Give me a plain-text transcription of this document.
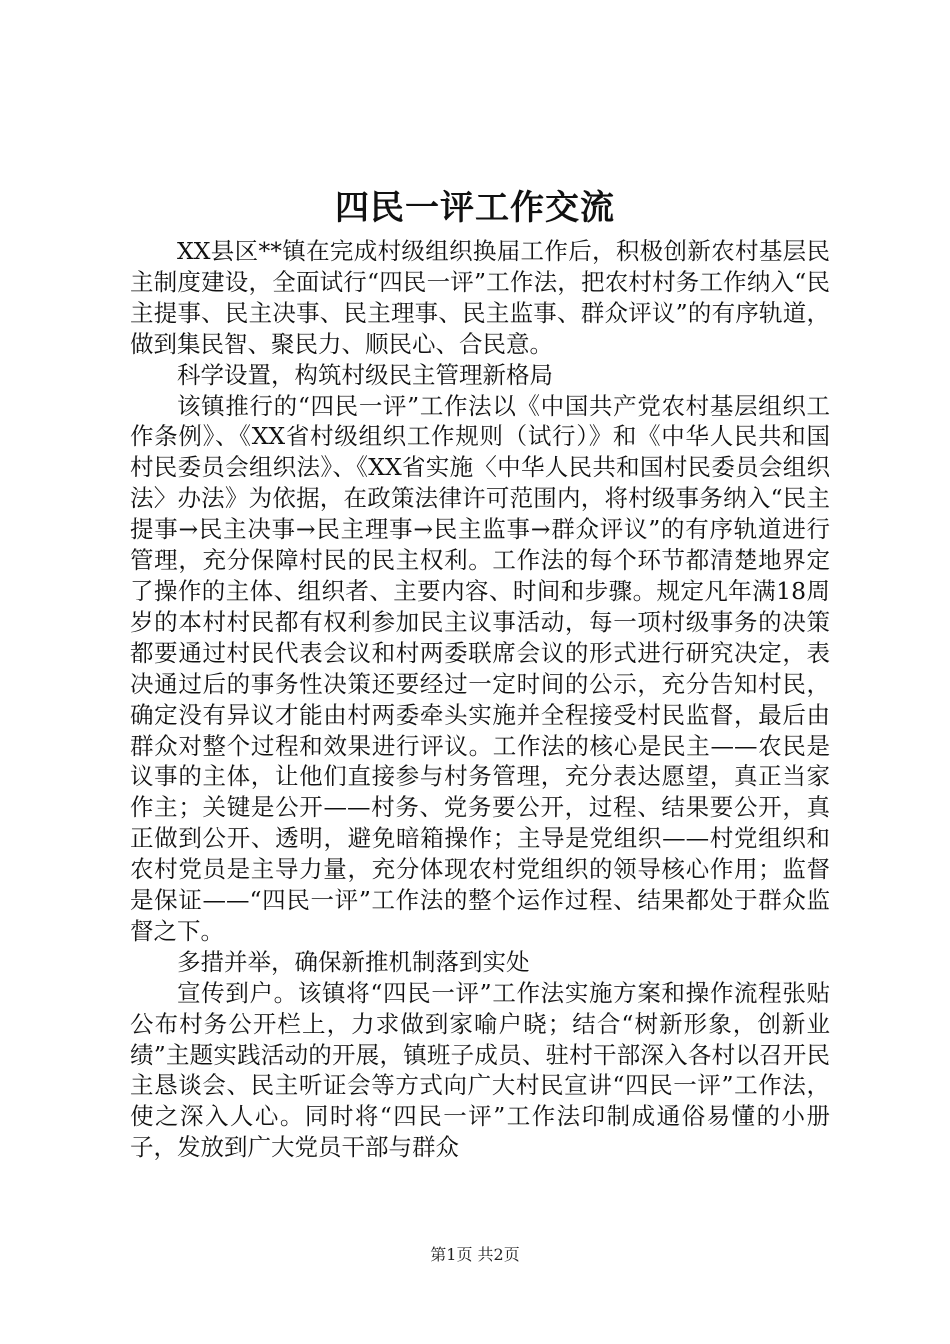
四民一评工作交流

XX县区**镇在完成村级组织换届工作后，积极创新农村基层民主制度建设，全面试行“四民一评”工作法，把农村村务工作纳入“民主提事、民主决事、民主理事、民主监事、群众评议”的有序轨道，做到集民智、聚民力、顺民心、合民意。

科学设置，构筑村级民主管理新格局

该镇推行的“四民一评”工作法以《中国共产党农村基层组织工作条例》、《XX省村级组织工作规则（试行）》和《中华人民共和国村民委员会组织法》、《XX省实施〈中华人民共和国村民委员会组织法〉办法》为依据，在政策法律许可范围内，将村级事务纳入“民主提事→民主决事→民主理事→民主监事→群众评议”的有序轨道进行管理，充分保障村民的民主权利。工作法的每个环节都清楚地界定了操作的主体、组织者、主要内容、时间和步骤。规定凡年满18周岁的本村村民都有权利参加民主议事活动，每一项村级事务的决策都要通过村民代表会议和村两委联席会议的形式进行研究决定，表决通过后的事务性决策还要经过一定时间的公示，充分告知村民，确定没有异议才能由村两委牵头实施并全程接受村民监督，最后由群众对整个过程和效果进行评议。工作法的核心是民主——农民是议事的主体，让他们直接参与村务管理，充分表达愿望，真正当家作主；关键是公开——村务、党务要公开，过程、结果要公开，真正做到公开、透明，避免暗箱操作；主导是党组织——村党组织和农村党员是主导力量，充分体现农村党组织的领导核心作用；监督是保证——“四民一评”工作法的整个运作过程、结果都处于群众监督之下。

多措并举，确保新推机制落到实处

宣传到户。该镇将“四民一评”工作法实施方案和操作流程张贴公布村务公开栏上，力求做到家喻户晓；结合“树新形象，创新业绩”主题实践活动的开展，镇班子成员、驻村干部深入各村以召开民主恳谈会、民主听证会等方式向广大村民宣讲“四民一评”工作法，使之深入人心。同时将“四民一评”工作法印制成通俗易懂的小册子，发放到广大党员干部与群众

第1页 共2页
